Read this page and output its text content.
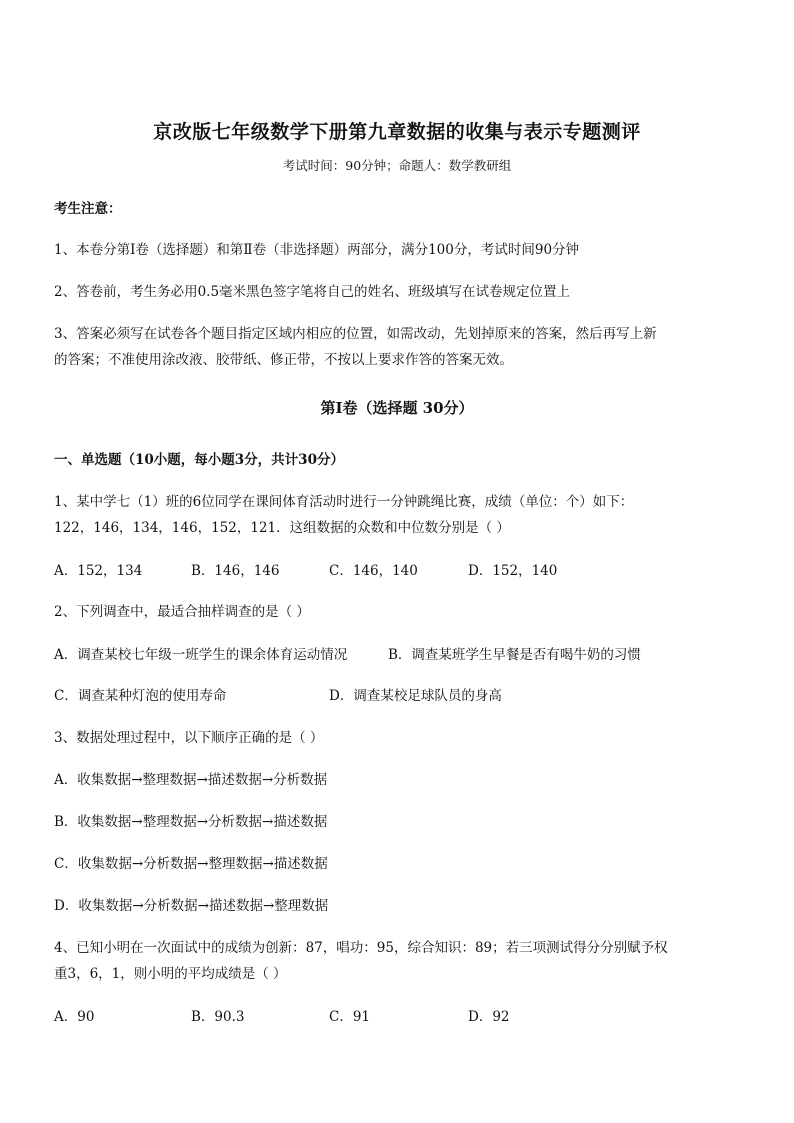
京改版七年级数学下册第九章数据的收集与表示专题测评
考试时间：90分钟；命题人：数学教研组
考生注意：
1、本卷分第Ⅰ卷（选择题）和第Ⅱ卷（非选择题）两部分，满分100分，考试时间90分钟
2、答卷前，考生务必用0.5毫米黑色签字笔将自己的姓名、班级填写在试卷规定位置上
3、答案必须写在试卷各个题目指定区域内相应的位置，如需改动，先划掉原来的答案，然后再写上新
的答案；不准使用涂改液、胶带纸、修正带，不按以上要求作答的答案无效。
第Ⅰ卷（选择题 30分）
一、单选题（10小题，每小题3分，共计30分）
1、某中学七（1）班的6位同学在课间体育活动时进行一分钟跳绳比赛，成绩（单位：个）如下：
122，146，134，146，152，121．这组数据的众数和中位数分别是（ ）
A．152，134	B．146，146	C．146，140	D．152，140
2、下列调查中，最适合抽样调查的是（ ）
A．调查某校七年级一班学生的课余体育运动情况	B．调查某班学生早餐是否有喝牛奶的习惯
C．调查某种灯泡的使用寿命	D．调查某校足球队员的身高
3、数据处理过程中，以下顺序正确的是（ ）
A．收集数据→整理数据→描述数据→分析数据
B．收集数据→整理数据→分析数据→描述数据
C．收集数据→分析数据→整理数据→描述数据
D．收集数据→分析数据→描述数据→整理数据
4、已知小明在一次面试中的成绩为创新：87，唱功：95，综合知识：89；若三项测试得分分别赋予权
重3，6，1，则小明的平均成绩是（ ）
A．90	B．90.3	C．91	D．92
